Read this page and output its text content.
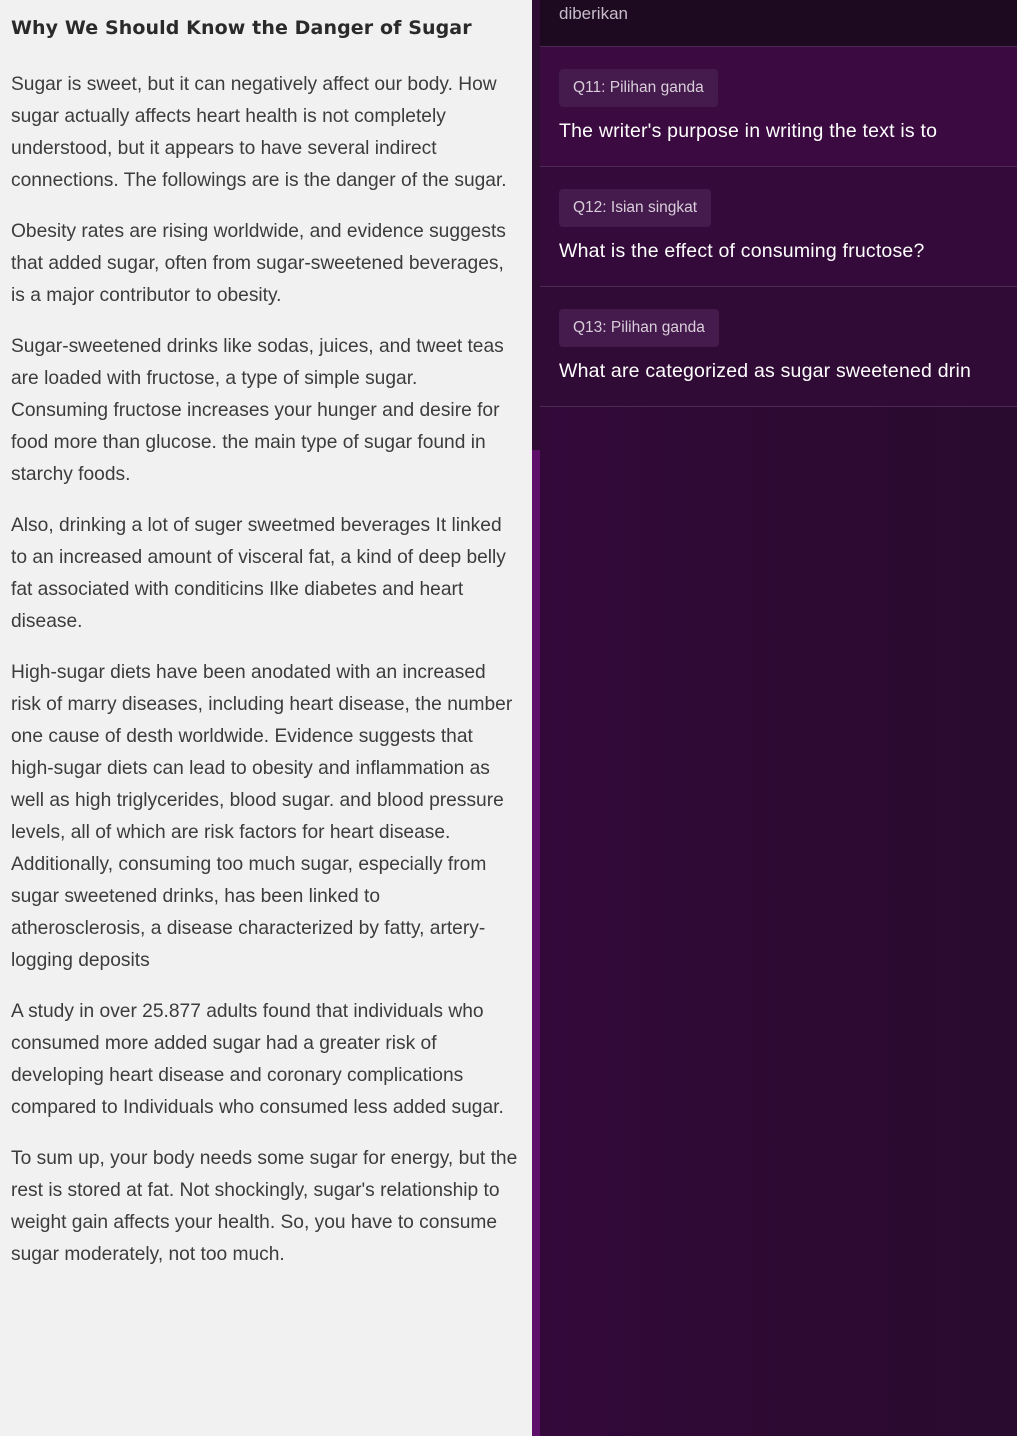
Why We Should Know the Danger of Sugar

Sugar is sweet, but it can negatively affect our body. How sugar actually affects heart health is not completely understood, but it appears to have several indirect connections. The followings are is the danger of the sugar.

Obesity rates are rising worldwide, and evidence suggests that added sugar, often from sugar-sweetened beverages, is a major contributor to obesity.

Sugar-sweetened drinks like sodas, juices, and tweet teas are loaded with fructose, a type of simple sugar. Consuming fructose increases your hunger and desire for food more than glucose. the main type of sugar found in starchy foods.

Also, drinking a lot of suger sweetmed beverages It linked to an increased amount of visceral fat, a kind of deep belly fat associated with conditicins Ilke diabetes and heart disease.

High-sugar diets have been anodated with an increased risk of marry diseases, including heart disease, the number one cause of desth worldwide. Evidence suggests that high-sugar diets can lead to obesity and inflammation as well as high triglycerides, blood sugar. and blood pressure levels, all of which are risk factors for heart disease. Additionally, consuming too much sugar, especially from sugar sweetened drinks, has been linked to atherosclerosis, a disease characterized by fatty, artery-logging deposits

A study in over 25.877 adults found that individuals who consumed more added sugar had a greater risk of developing heart disease and coronary complications compared to Individuals who consumed less added sugar.

To sum up, your body needs some sugar for energy, but the rest is stored at fat. Not shockingly, sugar's relationship to weight gain affects your health. So, you have to consume sugar moderately, not too much.

diberikan
Q11: Pilihan ganda
The writer's purpose in writing the text is to
Q12: Isian singkat
What is the effect of consuming fructose?
Q13: Pilihan ganda
What are categorized as sugar sweetened drin
